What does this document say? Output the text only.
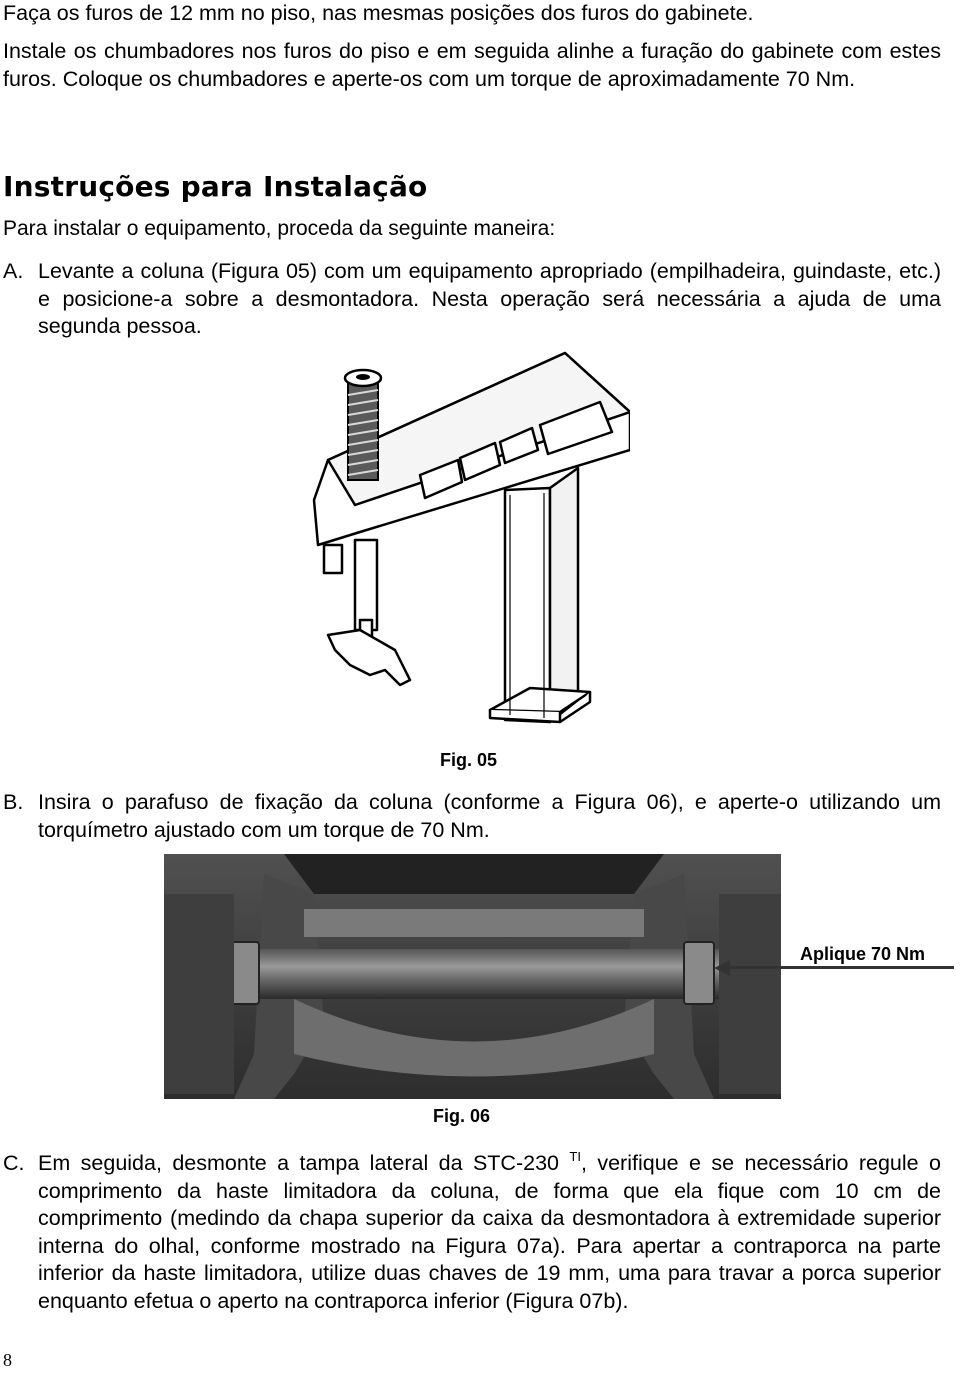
Faça os furos de 12 mm no piso, nas mesmas posições dos furos do gabinete.
Instale os chumbadores nos furos do piso e em seguida alinhe a furação do gabinete com estes furos. Coloque os chumbadores e aperte-os com um torque de aproximadamente 70 Nm.
Instruções para Instalação
Para instalar o equipamento, proceda da seguinte maneira:
A. Levante a coluna (Figura 05) com um equipamento apropriado (empilhadeira, guindaste, etc.) e posicione-a sobre a desmontadora. Nesta operação será necessária a ajuda de uma segunda pessoa.
Fig. 05
B. Insira o parafuso de fixação da coluna (conforme a Figura 06), e aperte-o utilizando um torquímetro ajustado com um torque de 70 Nm.
Aplique 70 Nm
Fig. 06
C. Em seguida, desmonte a tampa lateral da STC-230 $^{TI}$, verifique e se necessário regule o comprimento da haste limitadora da coluna, de forma que ela fique com 10 cm de comprimento (medindo da chapa superior da caixa da desmontadora à extremidade superior interna do olhal, conforme mostrado na Figura 07a). Para apertar a contraporca na parte inferior da haste limitadora, utilize duas chaves de 19 mm, uma para travar a porca superior enquanto efetua o aperto na contraporca inferior (Figura 07b).
8
